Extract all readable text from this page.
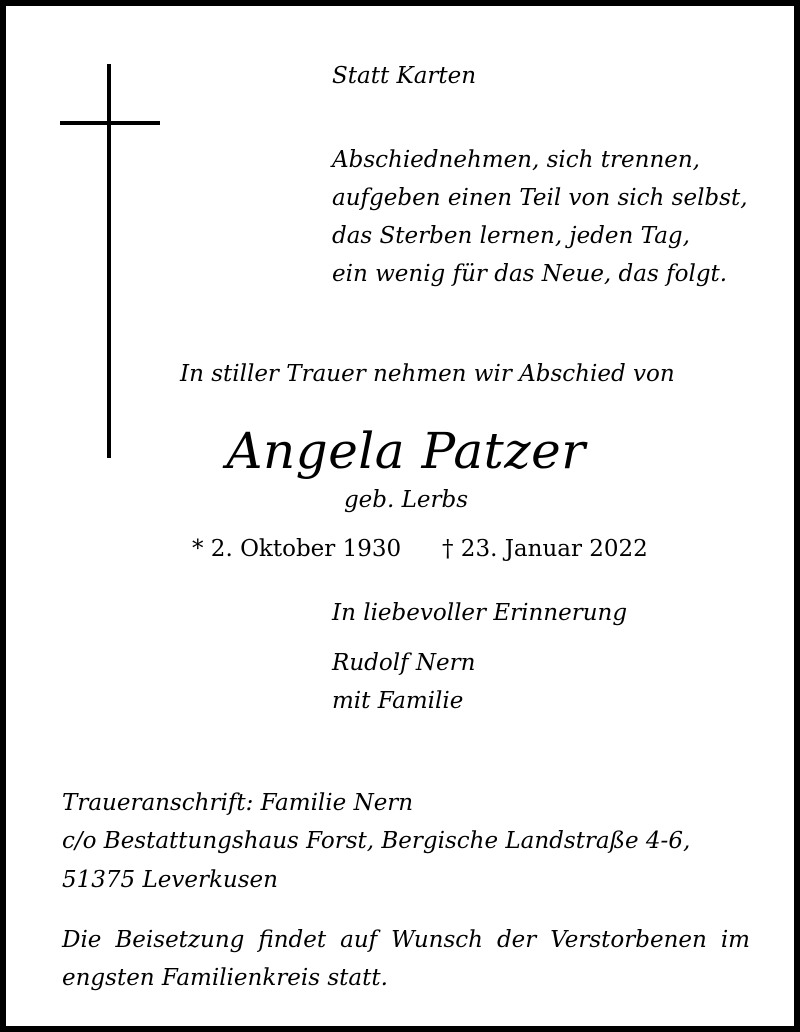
Statt Karten

Abschiednehmen, sich trennen,

aufgeben einen Teil von sich selbst,

das Sterben lernen, jeden Tag,

ein wenig für das Neue, das folgt.

In stiller Trauer nehmen wir Abschied von

Angela Patzer

geb. Lerbs

* 2. Oktober 1930 † 23. Januar 2022

In liebevoller Erinnerung

Rudolf Nern

mit Familie

Traueranschrift: Familie Nern

c/o Bestattungshaus Forst, Bergische Landstraße 4-6,

51375 Leverkusen

Die Beisetzung findet auf Wunsch der Verstorbenen im engsten Familienkreis statt.
